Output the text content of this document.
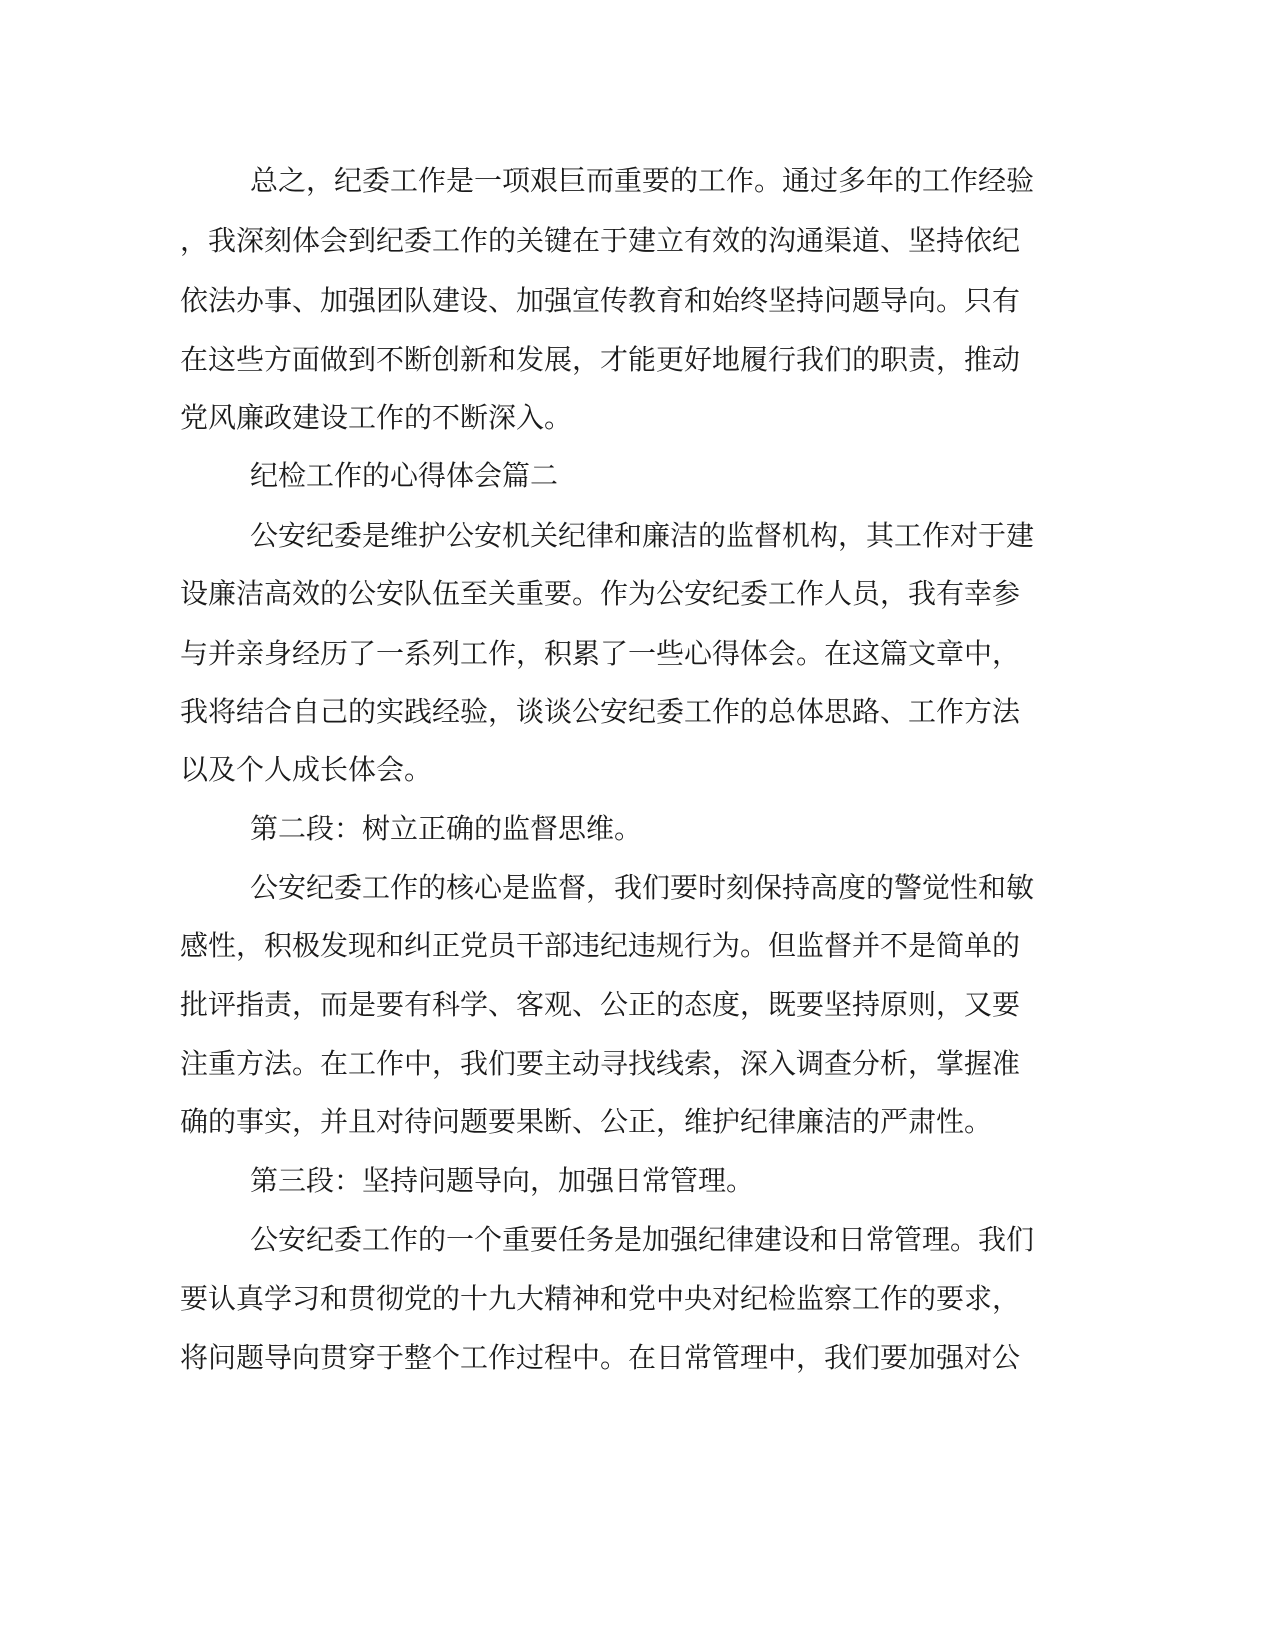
总之，纪委工作是一项艰巨而重要的工作。通过多年的工作经验
，我深刻体会到纪委工作的关键在于建立有效的沟通渠道、坚持依纪
依法办事、加强团队建设、加强宣传教育和始终坚持问题导向。只有
在这些方面做到不断创新和发展，才能更好地履行我们的职责，推动
党风廉政建设工作的不断深入。
纪检工作的心得体会篇二
公安纪委是维护公安机关纪律和廉洁的监督机构，其工作对于建
设廉洁高效的公安队伍至关重要。作为公安纪委工作人员，我有幸参
与并亲身经历了一系列工作，积累了一些心得体会。在这篇文章中，
我将结合自己的实践经验，谈谈公安纪委工作的总体思路、工作方法
以及个人成长体会。
第二段：树立正确的监督思维。
公安纪委工作的核心是监督，我们要时刻保持高度的警觉性和敏
感性，积极发现和纠正党员干部违纪违规行为。但监督并不是简单的
批评指责，而是要有科学、客观、公正的态度，既要坚持原则，又要
注重方法。在工作中，我们要主动寻找线索，深入调查分析，掌握准
确的事实，并且对待问题要果断、公正，维护纪律廉洁的严肃性。
第三段：坚持问题导向，加强日常管理。
公安纪委工作的一个重要任务是加强纪律建设和日常管理。我们
要认真学习和贯彻党的十九大精神和党中央对纪检监察工作的要求，
将问题导向贯穿于整个工作过程中。在日常管理中，我们要加强对公
